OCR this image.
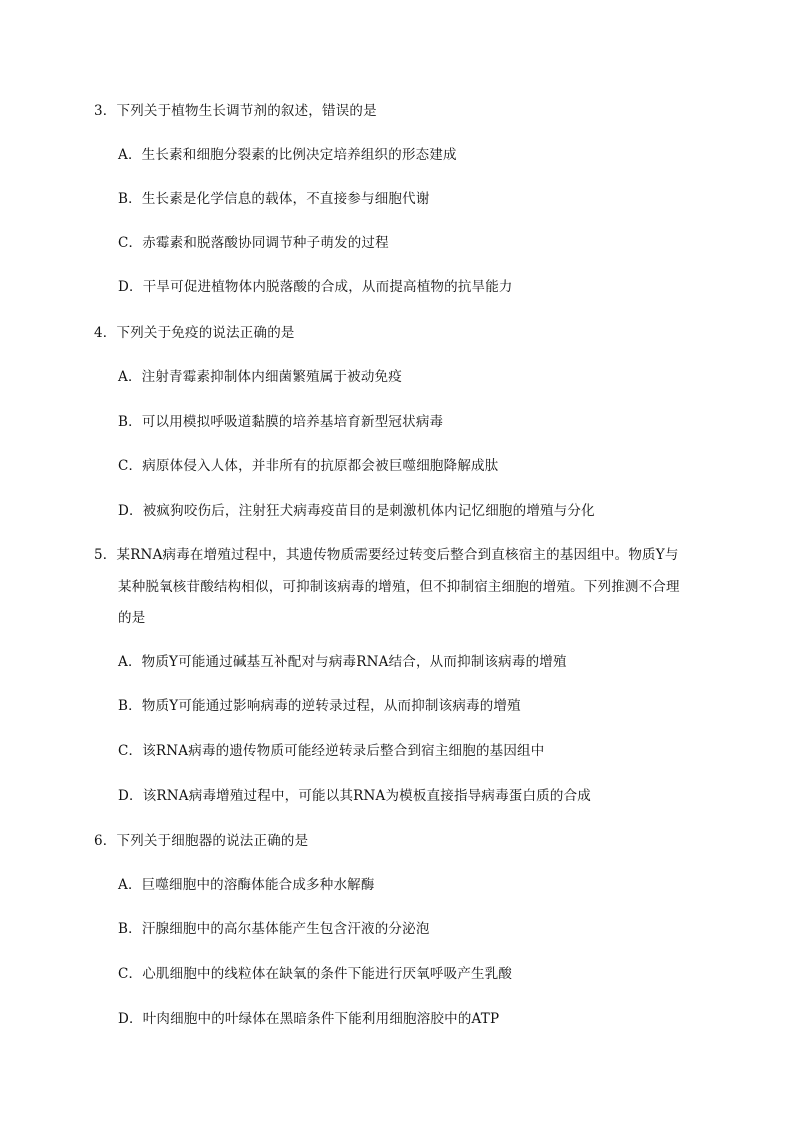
3．下列关于植物生长调节剂的叙述，错误的是
A．生长素和细胞分裂素的比例决定培养组织的形态建成
B．生长素是化学信息的载体，不直接参与细胞代谢
C．赤霉素和脱落酸协同调节种子萌发的过程
D．干旱可促进植物体内脱落酸的合成，从而提高植物的抗旱能力
4．下列关于免疫的说法正确的是
A．注射青霉素抑制体内细菌繁殖属于被动免疫
B．可以用模拟呼吸道黏膜的培养基培育新型冠状病毒
C．病原体侵入人体，并非所有的抗原都会被巨噬细胞降解成肽
D．被疯狗咬伤后，注射狂犬病毒疫苗目的是刺激机体内记忆细胞的增殖与分化
5．某RNA病毒在增殖过程中，其遗传物质需要经过转变后整合到直核宿主的基因组中。物质Y与
某种脱氧核苷酸结构相似，可抑制该病毒的增殖，但不抑制宿主细胞的增殖。下列推测不合理
的是
A．物质Y可能通过碱基互补配对与病毒RNA结合，从而抑制该病毒的增殖
B．物质Y可能通过影响病毒的逆转录过程，从而抑制该病毒的增殖
C．该RNA病毒的遗传物质可能经逆转录后整合到宿主细胞的基因组中
D．该RNA病毒增殖过程中，可能以其RNA为模板直接指导病毒蛋白质的合成
6．下列关于细胞器的说法正确的是
A．巨噬细胞中的溶酶体能合成多种水解酶
B．汗腺细胞中的高尔基体能产生包含汗液的分泌泡
C．心肌细胞中的线粒体在缺氧的条件下能进行厌氧呼吸产生乳酸
D．叶肉细胞中的叶绿体在黑暗条件下能利用细胞溶胶中的ATP
